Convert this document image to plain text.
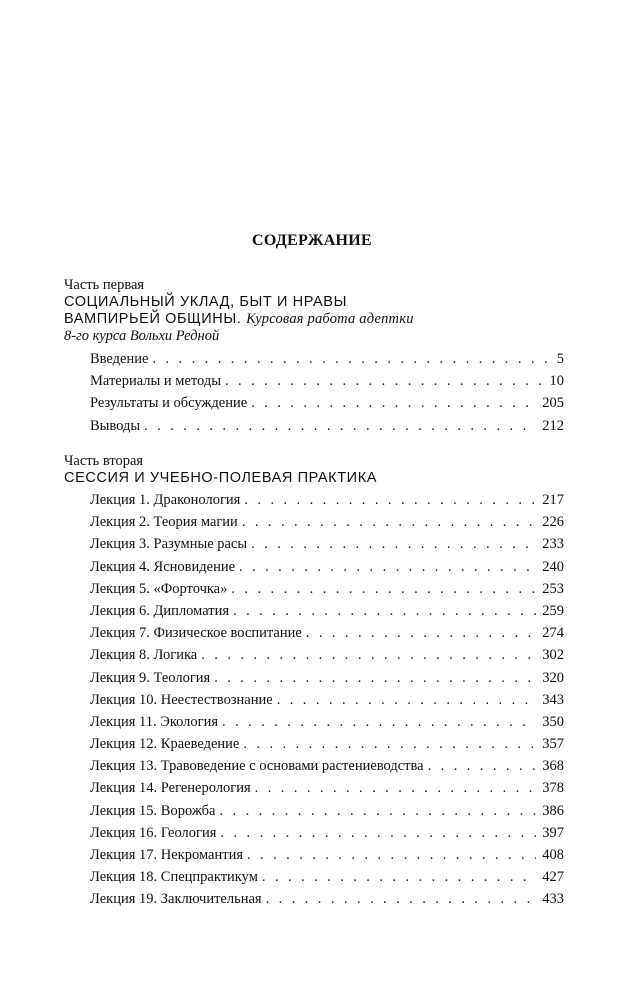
СОДЕРЖАНИЕ

Часть первая

СОЦИАЛЬНЫЙ УКЛАД, БЫТ И НРАВЫ

ВАМПИРЬЕЙ ОБЩИНЫ. Курсовая работа адептки

8-го курса Вольхи Редной

Введение . . .	5
Материалы и методы . . .	10
Результаты и обсуждение . . .	205
Выводы . . .	212

Часть вторая

СЕССИЯ И УЧЕБНО-ПОЛЕВАЯ ПРАКТИКА

Лекция 1. Драконология . . .	217
Лекция 2. Теория магии . . .	226
Лекция 3. Разумные расы . . .	233
Лекция 4. Ясновидение . . .	240
Лекция 5. «Форточка» . . .	253
Лекция 6. Дипломатия . . .	259
Лекция 7. Физическое воспитание . . .	274
Лекция 8. Логика . . .	302
Лекция 9. Теология . . .	320
Лекция 10. Неестествознание . . .	343
Лекция 11. Экология . . .	350
Лекция 12. Краеведение . . .	357
Лекция 13. Травоведение с основами растениеводства . . .	368
Лекция 14. Регенерология . . .	378
Лекция 15. Ворожба . . .	386
Лекция 16. Геология . . .	397
Лекция 17. Некромантия . . .	408
Лекция 18. Спецпрактикум . . .	427
Лекция 19. Заключительная . . .	433
